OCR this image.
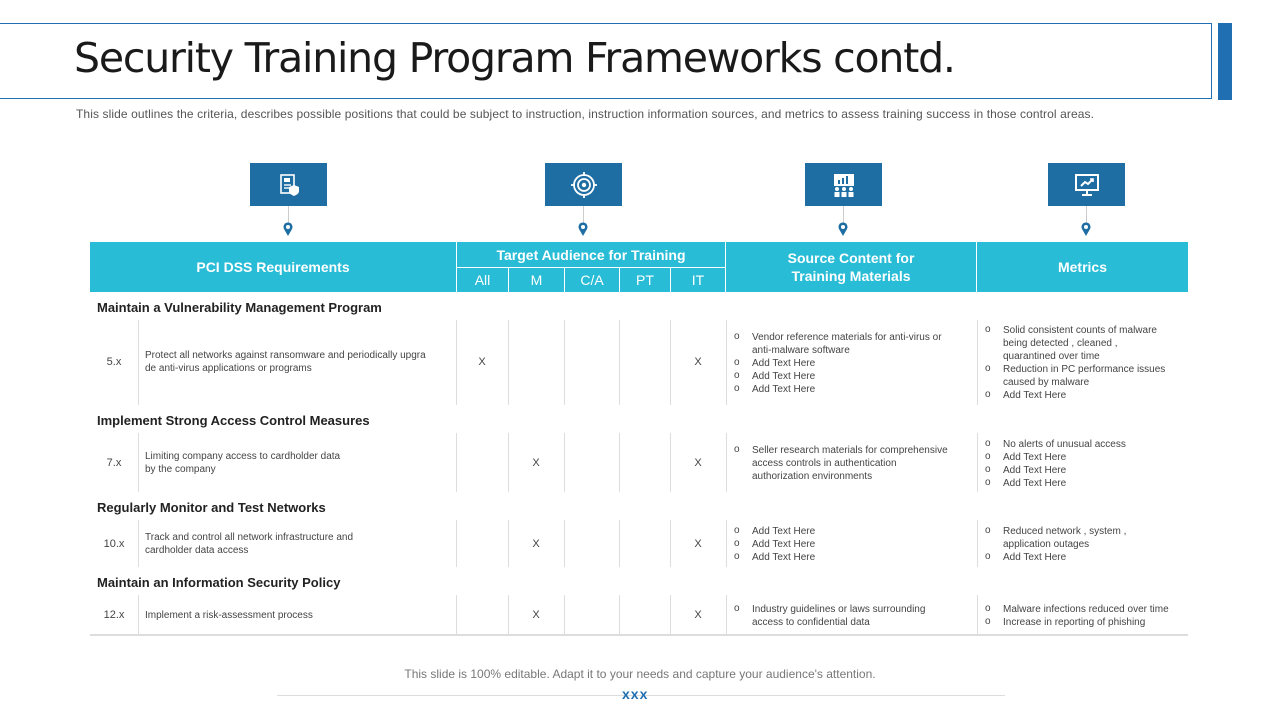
Security Training Program Frameworks contd.
This slide outlines the criteria, describes possible positions that could be subject to instruction, instruction information sources, and metrics to assess training success in those control areas.
PCI DSS Requirements
Target Audience for Training
All	M	C/A	PT	IT
Source Content for
Training Materials
Metrics
Maintain a Vulnerability Management Program
5.x
Protect all networks against ransomware and periodically upgra
de anti-virus applications or programs
X	X
o Vendor reference materials for anti-virus or
anti-malware software
o Add Text Here
o Add Text Here
o Add Text Here
o Solid consistent counts of malware
being detected , cleaned ,
quarantined over time
o Reduction in PC performance issues
caused by malware
o Add Text Here
Implement Strong Access Control Measures
7.x
Limiting company access to cardholder data
by the company
X	X
o Seller research materials for comprehensive
access controls in authentication
authorization environments
o No alerts of unusual access
o Add Text Here
o Add Text Here
o Add Text Here
Regularly Monitor and Test Networks
10.x
Track and control all network infrastructure and
cardholder data access
X	X
o Add Text Here
o Add Text Here
o Add Text Here
o Reduced network , system ,
application outages
o Add Text Here
Maintain an Information Security Policy
12.x	Implement a risk-assessment process	X	X
o	Industry guidelines or laws surrounding
access to confidential data
o Malware infections reduced over time
o Increase in reporting of phishing
This slide is 100% editable. Adapt it to your needs and capture your audience's attention.
xxx
